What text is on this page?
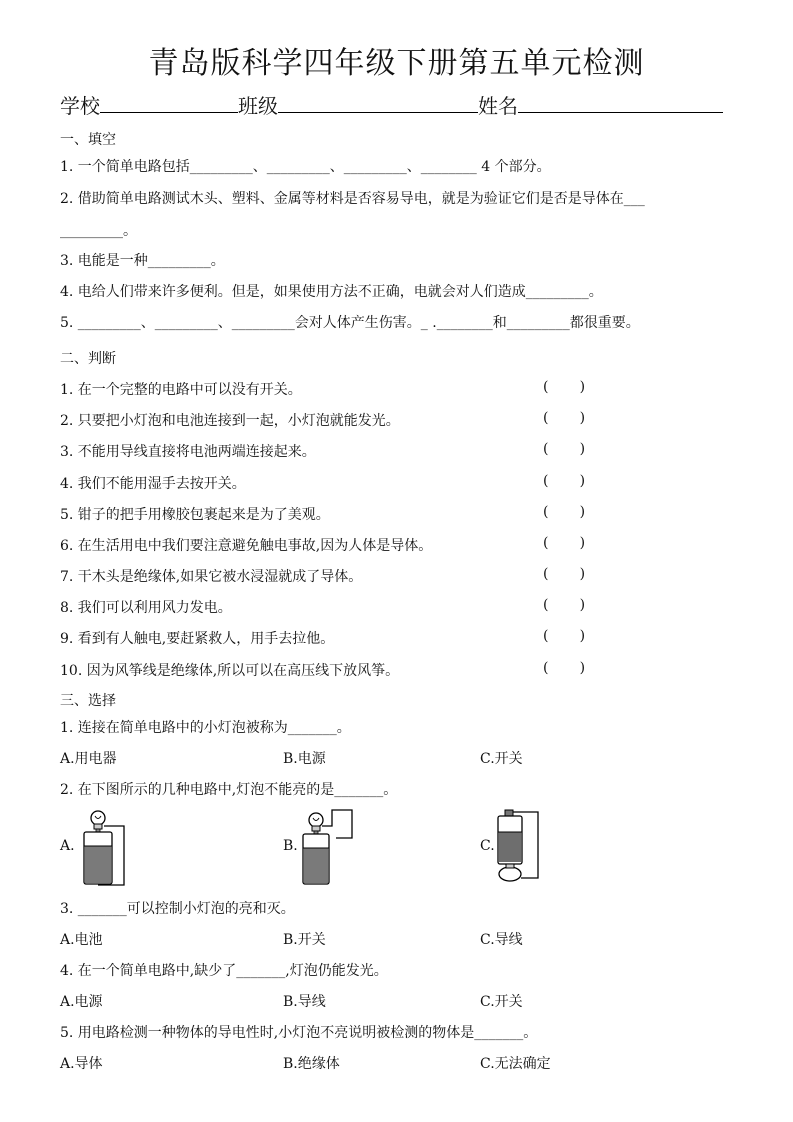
青岛版科学四年级下册第五单元检测
学校	班级	姓名
一、填空
1. 一个简单电路包括_________、_________、_________、________ 4 个部分。
2. 借助简单电路测试木头、塑料、金属等材料是否容易导电，就是为验证它们是否是导体在___
_________。
3. 电能是一种_________。
4. 电给人们带来许多便利。但是，如果使用方法不正确，电就会对人们造成_________。
5. _________、_________、_________会对人体产生伤害。_ .________和_________都很重要。
二、判断
1. 在一个完整的电路中可以没有开关。	(       )
2. 只要把小灯泡和电池连接到一起，小灯泡就能发光。	(       )
3. 不能用导线直接将电池两端连接起来。	(       )
4. 我们不能用湿手去按开关。	(       )
5. 钳子的把手用橡胶包裹起来是为了美观。	(       )
6. 在生活用电中我们要注意避免触电事故,因为人体是导体。	(       )
7. 干木头是绝缘体,如果它被水浸湿就成了导体。	(       )
8. 我们可以利用风力发电。	(       )
9. 看到有人触电,要赶紧救人，用手去拉他。	(       )
10. 因为风筝线是绝缘体,所以可以在高压线下放风筝。	(       )
三、选择
1. 连接在简单电路中的小灯泡被称为_______。
A.用电器	B.电源	C.开关
2. 在下图所示的几种电路中,灯泡不能亮的是_______。
A.	B.	C.
3. _______可以控制小灯泡的亮和灭。
A.电池	B.开关	C.导线
4. 在一个简单电路中,缺少了_______,灯泡仍能发光。
A.电源	B.导线	C.开关
5. 用电路检测一种物体的导电性时,小灯泡不亮说明被检测的物体是_______。
A.导体	B.绝缘体	C.无法确定
